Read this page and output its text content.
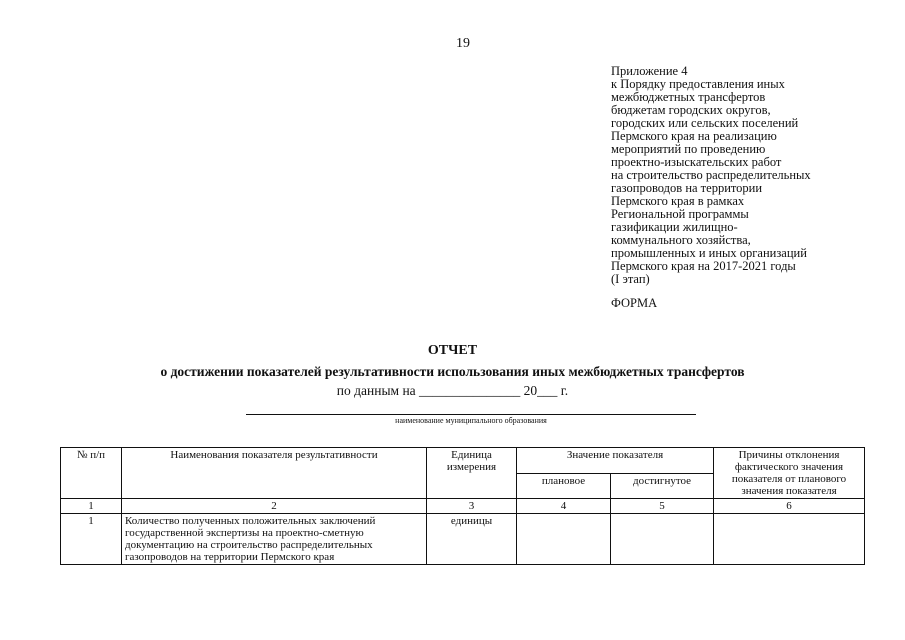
19
Приложение 4
к Порядку предоставления иных
межбюджетных трансфертов
бюджетам городских округов,
городских или сельских поселений
Пермского края на реализацию
мероприятий по проведению
проектно-изыскательских работ
на строительство распределительных
газопроводов на территории
Пермского края в рамках
Региональной программы
газификации жилищно-
коммунального хозяйства,
промышленных и иных организаций
Пермского края на 2017-2021 годы
(I этап)
ФОРМА
ОТЧЕТ
о достижении показателей результативности использования иных межбюджетных трансфертов
по данным на _______________ 20___ г.
наименование муниципального образования
№ п/п	Наименования показателя результативности	Единица измерения	Значение показателя		Причины отклонения фактического значения показателя от планового значения показателя
			плановое	достигнутое	
1	2	3	4	5	6
1	Количество полученных положительных заключений государственной экспертизы на проектно-сметную документацию на строительство распределительных газопроводов на территории Пермского края	единицы			
